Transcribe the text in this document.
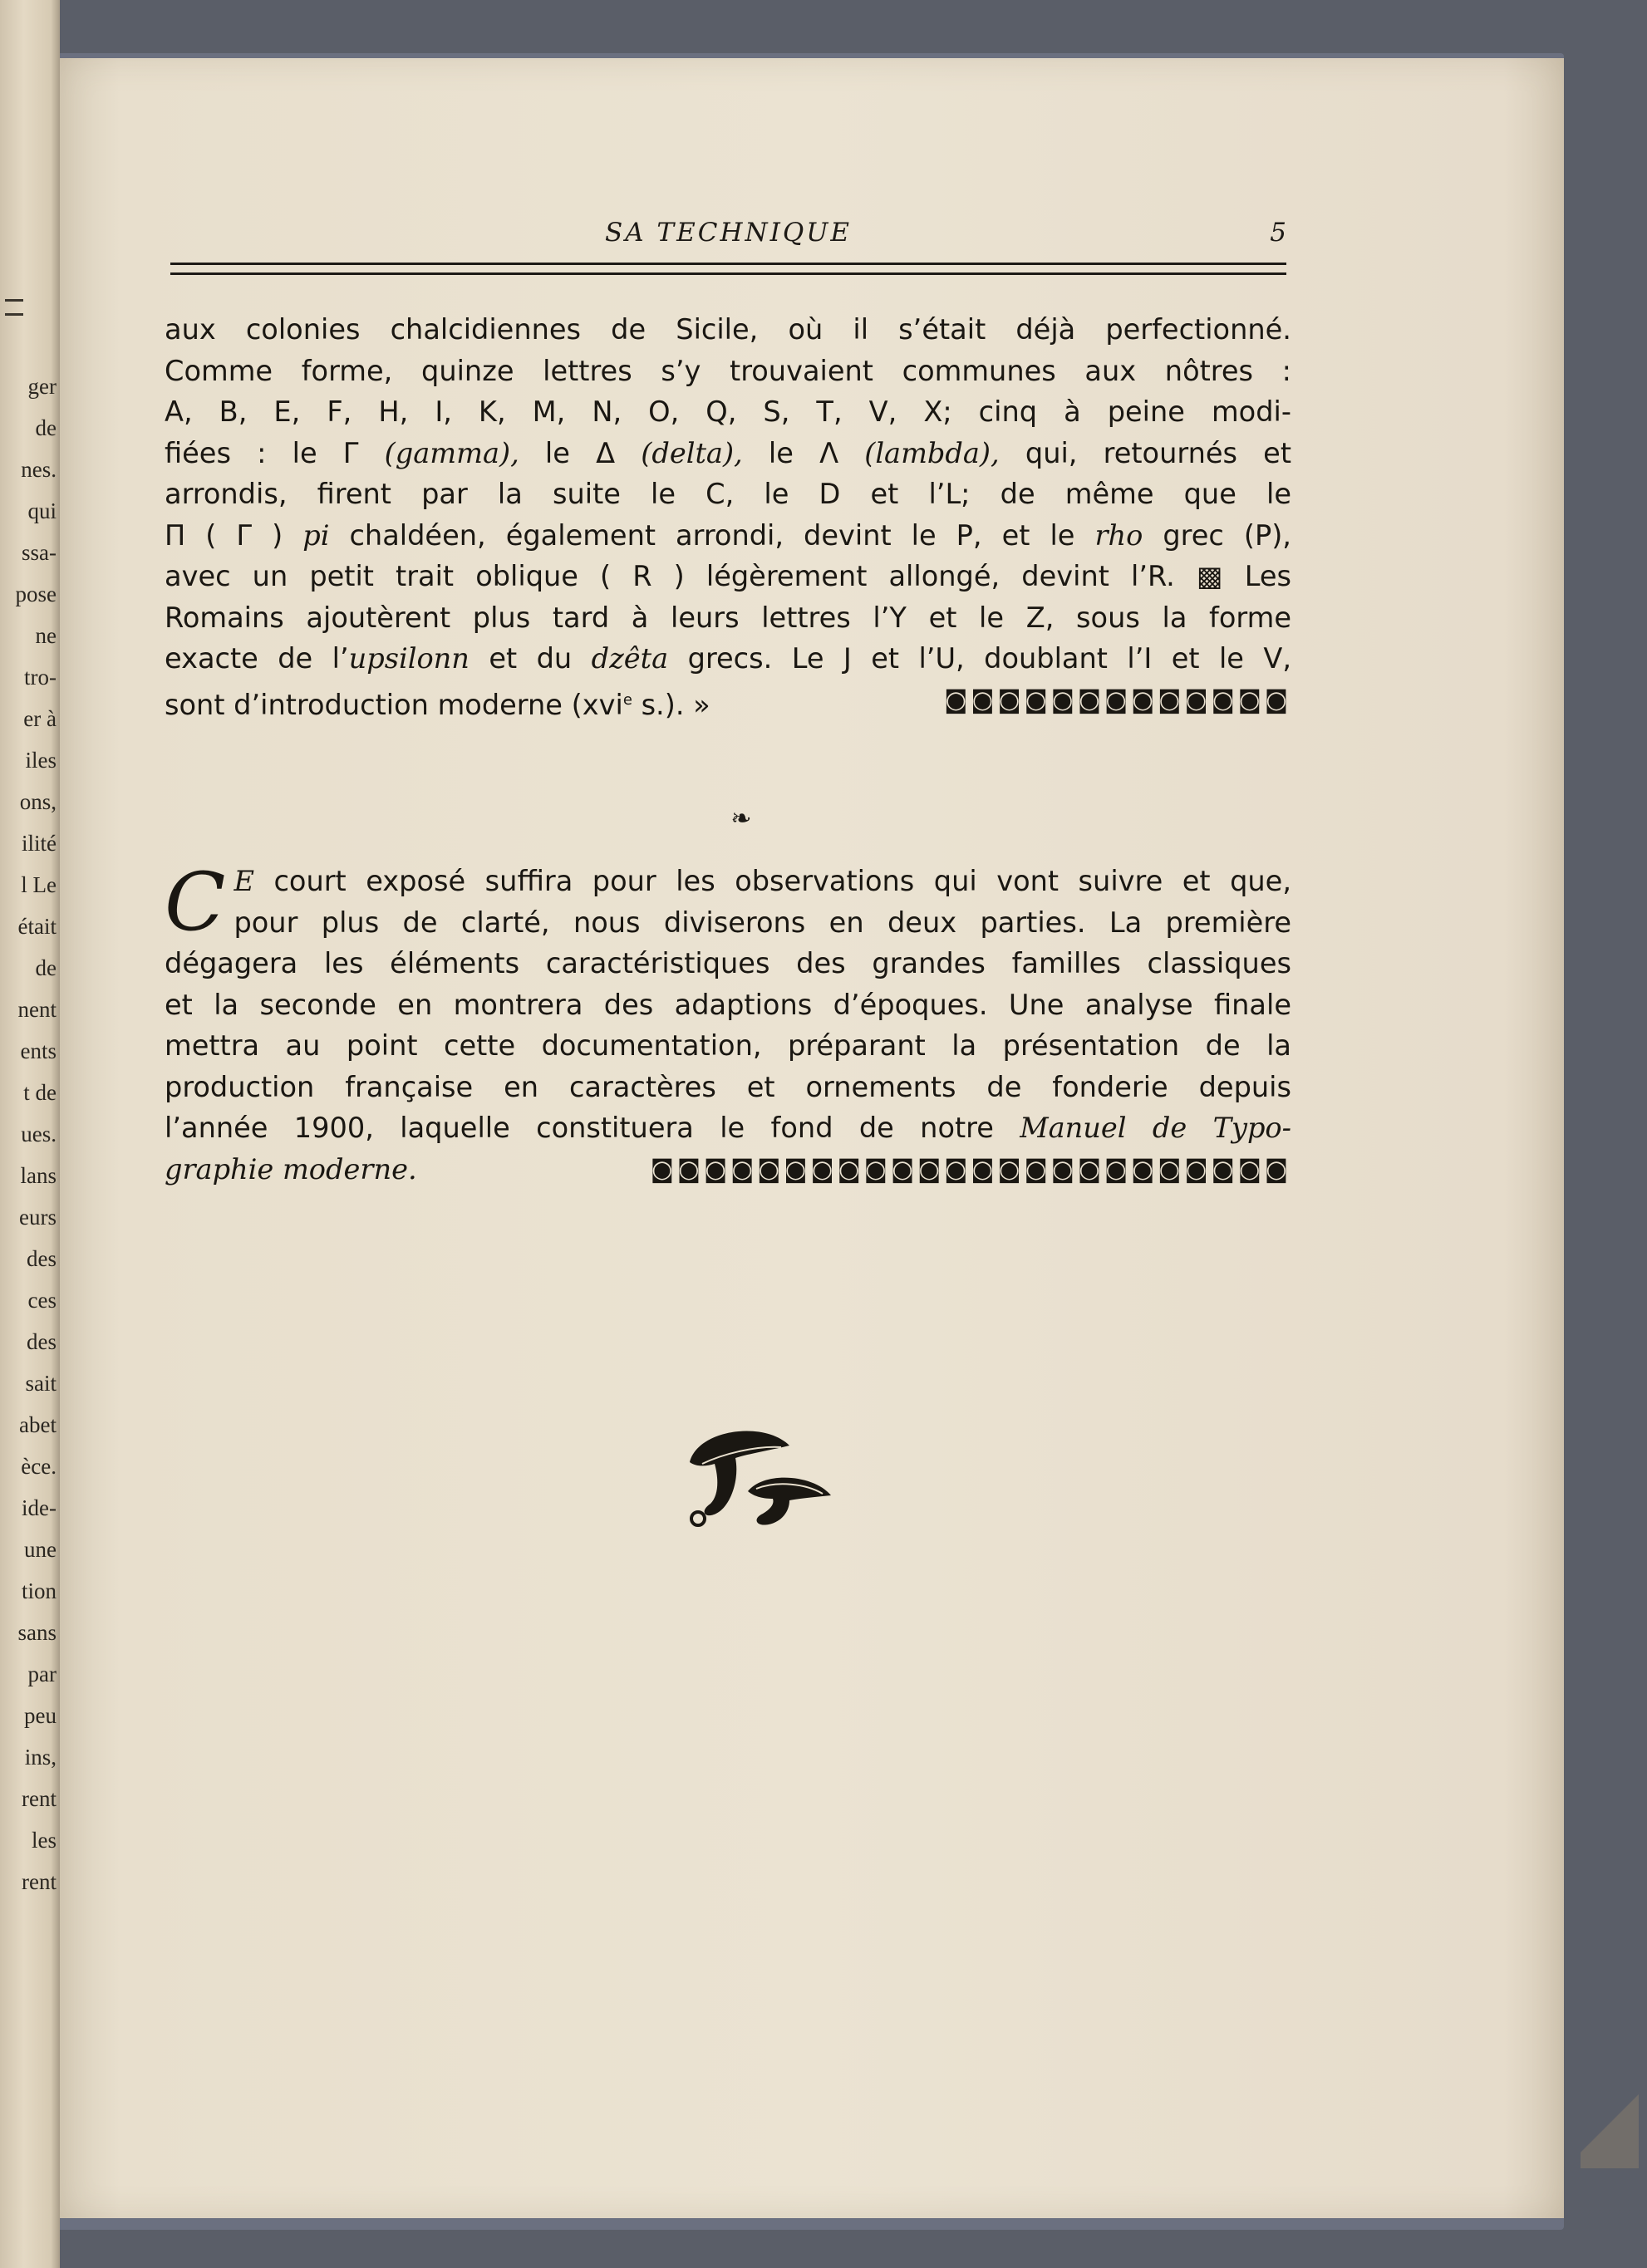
ger
de
nes.
qui
ssa-
pose
ne
tro-
er à
iles
ons,
ilité
l Le
était
de
nent
ents
t de
ues.
lans
eurs
des
ces
des
sait
abet
èce.
ide-
une
tion
sans
par
peu
ins,
rent
les
rent
SA TECHNIQUE	5
aux colonies chalcidiennes de Sicile, où il s’était déjà perfectionné.
Comme forme, quinze lettres s’y trouvaient communes aux nôtres :
A, B, E, F, H, I, K, M, N, O, Q, S, T, V, X; cinq à peine modi-
fiées : le Γ (gamma), le Δ (delta), le Λ (lambda), qui, retournés et
arrondis, firent par la suite le C, le D et l’L; de même que le
Π ( Γ ) pi chaldéen, également arrondi, devint le P, et le rho grec (P),
avec un petit trait oblique ( R ) légèrement allongé, devint l’R. ▩ Les
Romains ajoutèrent plus tard à leurs lettres l’Y et le Z, sous la forme
exacte de l’upsilonn et du dzêta grecs. Le J et l’U, doublant l’I et le V,
sont d’introduction moderne (xvi$^e$ s.). »	◙◙◙◙◙◙◙◙◙◙◙◙◙
❧
C E court exposé suffira pour les observations qui vont suivre et que,
pour plus de clarté, nous diviserons en deux parties. La première
dégagera les éléments caractéristiques des grandes familles classiques
et la seconde en montrera des adaptions d’époques. Une analyse finale
mettra au point cette documentation, préparant la présentation de la
production française en caractères et ornements de fonderie depuis
l’année 1900, laquelle constituera le fond de notre Manuel de Typo-
graphie moderne.	◙◙◙◙◙◙◙◙◙◙◙◙◙◙◙◙◙◙◙◙◙◙◙◙
